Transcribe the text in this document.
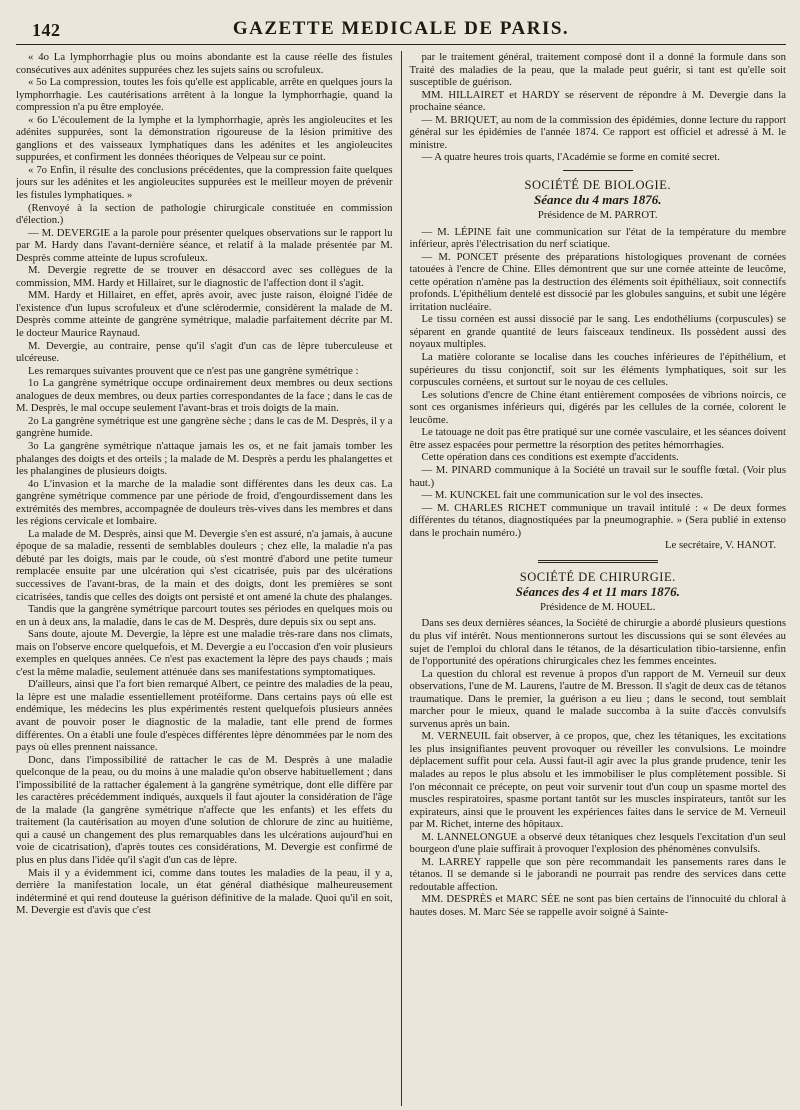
142	GAZETTE MEDICALE DE PARIS.

« 4o La lymphorrhagie plus ou moins abondante est la cause réelle des fistules consécutives aux adénites suppurées chez les sujets sains ou scrofuleux.

« 5o La compression, toutes les fois qu'elle est applicable, arrête en quelques jours la lymphorrhagie. Les cautérisations arrêtent à la longue la lymphorrhagie, quand la compression n'a pu être employée.

« 6o L'écoulement de la lymphe et la lymphorrhagie, après les angioleucites et les adénites suppurées, sont la démonstration rigoureuse de la lésion primitive des ganglions et des vaisseaux lymphatiques dans les adénites et les angioleucites suppurées, et confirment les données théoriques de Velpeau sur ce point.

« 7o Enfin, il résulte des conclusions précédentes, que la compression faite quelques jours sur les adénites et les angioleucites suppurées est le meilleur moyen de prévenir les fistules lymphatiques. »

(Renvoyé à la section de pathologie chirurgicale constituée en commission d'élection.)

— M. DEVERGIE a la parole pour présenter quelques observations sur le rapport lu par M. Hardy dans l'avant-dernière séance, et relatif à la malade présentée par M. Desprès comme atteinte de lupus scrofuleux.

M. Devergie regrette de se trouver en désaccord avec ses collègues de la commission, MM. Hardy et Hillairet, sur le diagnostic de l'affection dont il s'agit.

MM. Hardy et Hillairet, en effet, après avoir, avec juste raison, éloigné l'idée de l'existence d'un lupus scrofuleux et d'une sclérodermie, considèrent la malade de M. Desprès comme atteinte de gangrène symétrique, maladie parfaitement décrite par M. le docteur Maurice Raynaud.

M. Devergie, au contraire, pense qu'il s'agit d'un cas de lèpre tuberculeuse et ulcéreuse.

Les remarques suivantes prouvent que ce n'est pas une gangrène symétrique :

1o La gangrène symétrique occupe ordinairement deux membres ou deux sections analogues de deux membres, ou deux parties correspondantes de la face ; dans le cas de M. Desprès, le mal occupe seulement l'avant-bras et trois doigts de la main.

2o La gangrène symétrique est une gangrène sèche ; dans le cas de M. Desprès, il y a gangrène humide.

3o La gangrène symétrique n'attaque jamais les os, et ne fait jamais tomber les phalanges des doigts et des orteils ; la malade de M. Desprès a perdu les phalangettes et les phalangines de plusieurs doigts.

4o L'invasion et la marche de la maladie sont différentes dans les deux cas. La gangrène symétrique commence par une période de froid, d'engourdissement dans les extrémités des membres, accompagnée de douleurs très-vives dans les membres et dans les régions cervicale et lombaire.

La malade de M. Desprès, ainsi que M. Devergie s'en est assuré, n'a jamais, à aucune époque de sa maladie, ressenti de semblables douleurs ; chez elle, la maladie n'a pas débuté par les doigts, mais par le coude, où s'est montré d'abord une petite tumeur remplacée ensuite par une ulcération qui s'est cicatrisée, puis par des ulcérations successives de l'avant-bras, de la main et des doigts, dont les premières se sont cicatrisées, tandis que celles des doigts ont persisté et ont amené la chute des phalanges.

Tandis que la gangrène symétrique parcourt toutes ses périodes en quelques mois ou en un à deux ans, la maladie, dans le cas de M. Desprès, dure depuis six ou sept ans.

Sans doute, ajoute M. Devergie, la lèpre est une maladie très-rare dans nos climats, mais on l'observe encore quelquefois, et M. Devergie a eu l'occasion d'en voir plusieurs exemples en quelques années. Ce n'est pas exactement la lèpre des pays chauds ; mais c'est la même maladie, seulement atténuée dans ses manifestations symptomatiques.

D'ailleurs, ainsi que l'a fort bien remarqué Albert, ce peintre des maladies de la peau, la lèpre est une maladie essentiellement protéiforme. Dans certains pays où elle est endémique, les médecins les plus expérimentés restent quelquefois plusieurs années avant de pouvoir poser le diagnostic de la maladie, tant elle prend de formes différentes. On a établi une foule d'espèces différentes lèpre dénommées par le nom des pays où elles prennent naissance.

Donc, dans l'impossibilité de rattacher le cas de M. Desprès à une maladie quelconque de la peau, ou du moins à une maladie qu'on observe habituellement ; dans l'impossibilité de la rattacher également à la gangrène symétrique, dont elle diffère par les caractères précédemment indiqués, auxquels il faut ajouter la considération de l'âge de la malade (la gangrène symétrique n'affecte que les enfants) et les effets du traitement (la cautérisation au moyen d'une solution de chlorure de zinc au huitième, qui a causé un changement des plus remarquables dans les ulcérations aujourd'hui en voie de cicatrisation), d'après toutes ces considérations, M. Devergie est confirmé de plus en plus dans l'idée qu'il s'agit d'un cas de lèpre.

Mais il y a évidemment ici, comme dans toutes les maladies de la peau, il y a, derrière la manifestation locale, un état général diathésique malheureusement indéterminé et qui rend douteuse la guérison définitive de la malade. Quoi qu'il en soit, M. Devergie est d'avis que c'est

par le traitement général, traitement composé dont il a donné la formule dans son Traité des maladies de la peau, que la malade peut guérir, si tant est qu'elle soit susceptible de guérison.

MM. HILLAIRET et HARDY se réservent de répondre à M. Devergie dans la prochaine séance.

— M. BRIQUET, au nom de la commission des épidémies, donne lecture du rapport général sur les épidémies de l'année 1874. Ce rapport est officiel et adressé à M. le ministre.

— A quatre heures trois quarts, l'Académie se forme en comité secret.

SOCIÉTÉ DE BIOLOGIE.
Séance du 4 mars 1876.
Présidence de M. PARROT.

— M. LÉPINE fait une communication sur l'état de la température du membre inférieur, après l'électrisation du nerf sciatique.

— M. PONCET présente des préparations histologiques provenant de cornées tatouées à l'encre de Chine. Elles démontrent que sur une cornée atteinte de leucôme, cette opération n'amène pas la destruction des éléments soit épithéliaux, soit connectifs profonds. L'épithélium dentelé est dissocié par les globules sanguins, et subit une légère irritation nucléaire.

Le tissu cornéen est aussi dissocié par le sang. Les endothéliums (corpuscules) se séparent en grande quantité de leurs faisceaux tendineux. Ils possèdent aussi des noyaux multiples.

La matière colorante se localise dans les couches inférieures de l'épithélium, et supérieures du tissu conjonctif, soit sur les éléments lymphatiques, soit sur les corpuscules cornéens, et surtout sur le noyau de ces cellules.

Les solutions d'encre de Chine étant entièrement composées de vibrions noircis, ce sont ces organismes inférieurs qui, digérés par les cellules de la cornée, colorent le leucôme.

Le tatouage ne doit pas être pratiqué sur une cornée vasculaire, et les séances doivent être assez espacées pour permettre la résorption des petites hémorrhagies.

Cette opération dans ces conditions est exempte d'accidents.

— M. PINARD communique à la Société un travail sur le souffle fœtal. (Voir plus haut.)

— M. KUNCKEL fait une communication sur le vol des insectes.

— M. CHARLES RICHET communique un travail intitulé : « De deux formes différentes du tétanos, diagnostiquées par la pneumographie. » (Sera publié in extenso dans le prochain numéro.)

Le secrétaire, V. HANOT.
SOCIÉTÉ DE CHIRURGIE.
Séances des 4 et 11 mars 1876.
Présidence de M. HOUEL.

Dans ses deux dernières séances, la Société de chirurgie a abordé plusieurs questions du plus vif intérêt. Nous mentionnerons surtout les discussions qui se sont élevées au sujet de l'emploi du chloral dans le tétanos, de la désarticulation tibio-tarsienne, enfin de l'opportunité des opérations chirurgicales chez les femmes enceintes.

La question du chloral est revenue à propos d'un rapport de M. Verneuil sur deux observations, l'une de M. Laurens, l'autre de M. Bresson. Il s'agit de deux cas de tétanos traumatique. Dans le premier, la guérison a eu lieu ; dans le second, tout semblait marcher pour le mieux, quand le malade succomba à la suite d'accès convulsifs survenus après un bain.

M. VERNEUIL fait observer, à ce propos, que, chez les tétaniques, les excitations les plus insignifiantes peuvent provoquer ou réveiller les convulsions. Le moindre déplacement suffit pour cela. Aussi faut-il agir avec la plus grande prudence, tenir les malades au repos le plus absolu et les immobiliser le plus complètement possible. Si l'on méconnait ce précepte, on peut voir survenir tout d'un coup un spasme mortel des muscles respiratoires, spasme portant tantôt sur les muscles inspirateurs, tantôt sur les expirateurs, ainsi que le prouvent les expériences faites dans le service de M. Verneuil par M. Richet, interne des hôpitaux.

M. LANNELONGUE a observé deux tétaniques chez lesquels l'excitation d'un seul bourgeon d'une plaie suffirait à provoquer l'explosion des phénomènes convulsifs.

M. LARREY rappelle que son père recommandait les pansements rares dans le tétanos. Il se demande si le jaborandi ne pourrait pas rendre des services dans cette redoutable affection.

MM. DESPRÈS et MARC SÉE ne sont pas bien certains de l'innocuité du chloral à hautes doses. M. Marc Sée se rappelle avoir soigné à Sainte-
